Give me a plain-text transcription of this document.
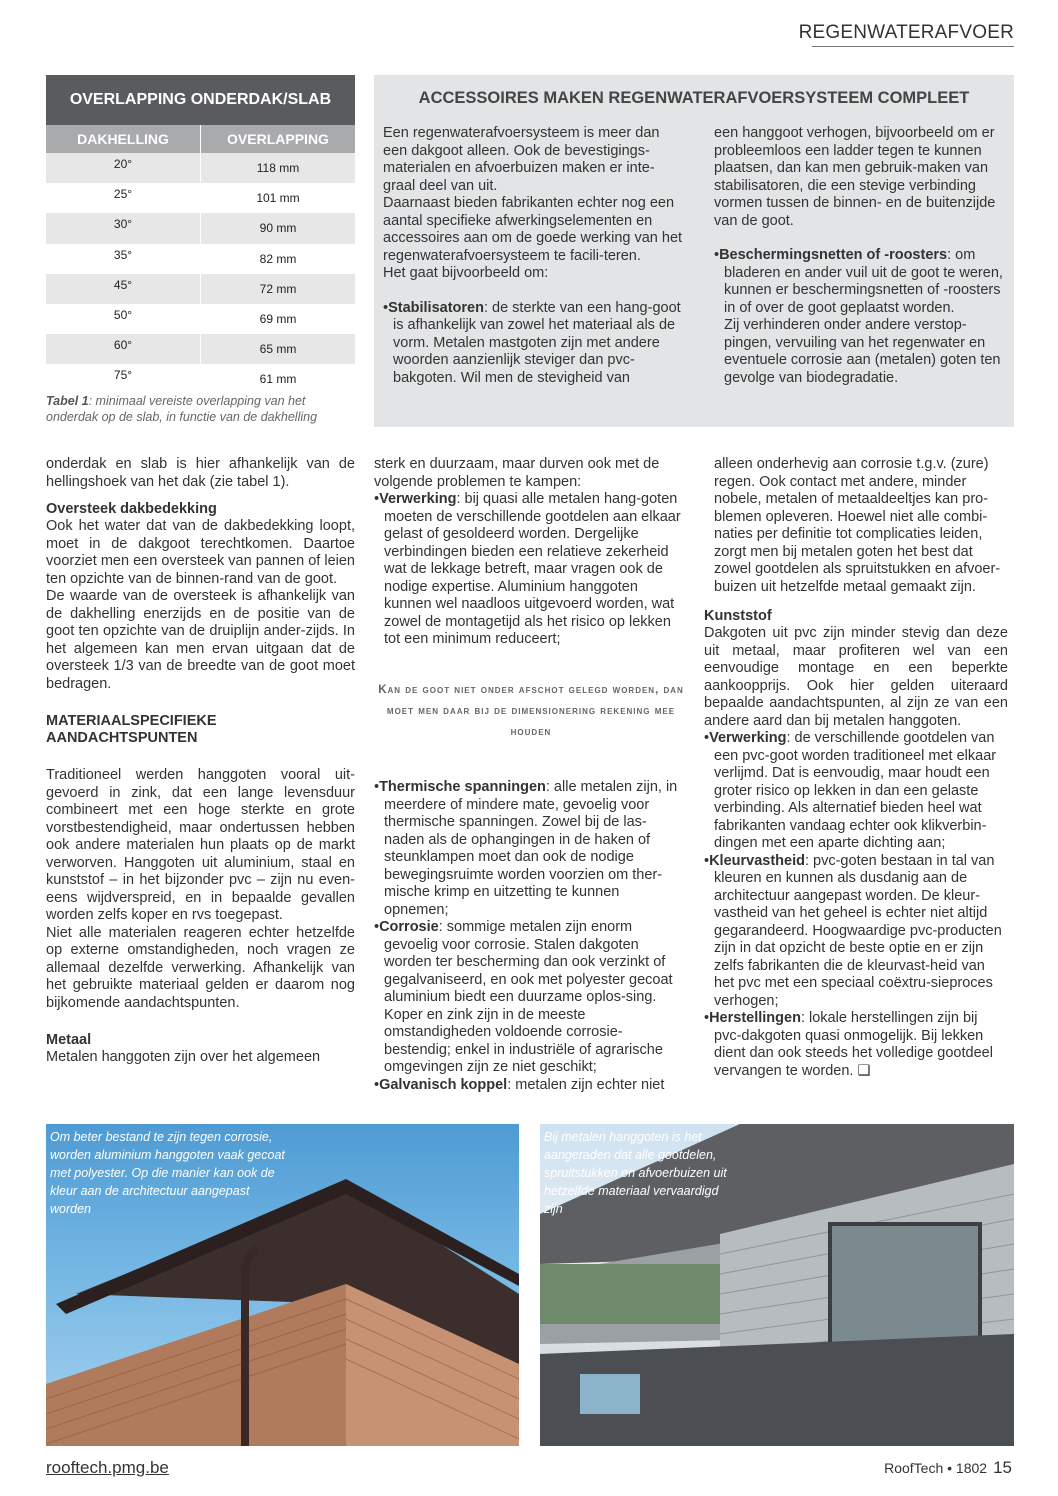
REGENWATERAFVOER
OVERLAPPING ONDERDAK/SLAB
DAKHELLING	OVERLAPPING
20°	118 mm
25°	101 mm
30°	90 mm
35°	82 mm
45°	72 mm
50°	69 mm
60°	65 mm
75°	61 mm
Tabel 1: minimaal vereiste overlapping van het onderdak op de slab, in functie van de dakhelling
ACCESSOIRES MAKEN REGENWATERAFVOERSYSTEEM COMPLEET

Een regenwaterafvoersysteem is meer dan een dakgoot alleen. Ook de bevestigings-materialen en afvoerbuizen maken er inte-graal deel van uit.

Daarnaast bieden fabrikanten echter nog een aantal specifieke afwerkingselementen en accessoires aan om de goede werking van het regenwaterafvoersysteem te facili-teren.

Het gaat bijvoorbeeld om:

•Stabilisatoren: de sterkte van een hang-goot is afhankelijk van zowel het materiaal als de vorm. Metalen mastgoten zijn met andere woorden aanzienlijk steviger dan pvc-bakgoten. Wil men de stevigheid van

een hanggoot verhogen, bijvoorbeeld om er probleemloos een ladder tegen te kunnen plaatsen, dan kan men gebruik-maken van stabilisatoren, die een stevige verbinding vormen tussen de binnen- en de buitenzijde van de goot.

•Beschermingsnetten of -roosters: om bladeren en ander vuil uit de goot te weren, kunnen er beschermingsnetten of -roosters in of over de goot geplaatst worden.

Zij verhinderen onder andere verstop-pingen, vervuiling van het regenwater en eventuele corrosie aan (metalen) goten ten gevolge van biodegradatie.

onderdak en slab is hier afhankelijk van de hellingshoek van het dak (zie tabel 1).

Oversteek dakbedekking

Ook het water dat van de dakbedekking loopt, moet in de dakgoot terechtkomen. Daartoe voorziet men een oversteek van pannen of leien ten opzichte van de binnen-rand van de goot.

De waarde van de oversteek is afhankelijk van de dakhelling enerzijds en de positie van de goot ten opzichte van de druiplijn ander-zijds. In het algemeen kan men ervan uitgaan dat de oversteek 1/3 van de breedte van de goot moet bedragen.

MATERIAALSPECIFIEKE AANDACHTSPUNTEN

Traditioneel werden hanggoten vooral uit-gevoerd in zink, dat een lange levensduur combineert met een hoge sterkte en grote vorstbestendigheid, maar ondertussen hebben ook andere materialen hun plaats op de markt verworven. Hanggoten uit aluminium, staal en kunststof – in het bijzonder pvc – zijn nu even-eens wijdverspreid, en in bepaalde gevallen worden zelfs koper en rvs toegepast.

Niet alle materialen reageren echter hetzelfde op externe omstandigheden, noch vragen ze allemaal dezelfde verwerking. Afhankelijk van het gebruikte materiaal gelden er daarom nog bijkomende aandachtspunten.

Metaal

Metalen hanggoten zijn over het algemeen

sterk en duurzaam, maar durven ook met de volgende problemen te kampen:

•Verwerking: bij quasi alle metalen hang-goten moeten de verschillende gootdelen aan elkaar gelast of gesoldeerd worden. Dergelijke verbindingen bieden een relatieve zekerheid wat de lekkage betreft, maar vragen ook de nodige expertise. Aluminium hanggoten kunnen wel naadloos uitgevoerd worden, wat zowel de montagetijd als het risico op lekken tot een minimum reduceert;

Kan de goot niet onder afschot gelegd worden, dan moet men daar bij de dimensionering rekening mee houden

•Thermische spanningen: alle metalen zijn, in meerdere of mindere mate, gevoelig voor thermische spanningen. Zowel bij de las-naden als de ophangingen in de haken of steunklampen moet dan ook de nodige bewegingsruimte worden voorzien om ther-mische krimp en uitzetting te kunnen opnemen;

•Corrosie: sommige metalen zijn enorm gevoelig voor corrosie. Stalen dakgoten worden ter bescherming dan ook verzinkt of gegalvaniseerd, en ook met polyester gecoat aluminium biedt een duurzame oplos-sing. Koper en zink zijn in de meeste omstandigheden voldoende corrosie-bestendig; enkel in industriële of agrarische omgevingen zijn ze niet geschikt;

•Galvanisch koppel: metalen zijn echter niet

alleen onderhevig aan corrosie t.g.v. (zure) regen. Ook contact met andere, minder nobele, metalen of metaaldeeltjes kan pro-blemen opleveren. Hoewel niet alle combi-naties per definitie tot complicaties leiden, zorgt men bij metalen goten het best dat zowel gootdelen als spruitstukken en afvoer-buizen uit hetzelfde metaal gemaakt zijn.

Kunststof

Dakgoten uit pvc zijn minder stevig dan deze uit metaal, maar profiteren wel van een eenvoudige montage en een beperkte aankoopprijs. Ook hier gelden uiteraard bepaalde aandachtspunten, al zijn ze van een andere aard dan bij metalen hanggoten.

•Verwerking: de verschillende gootdelen van een pvc-goot worden traditioneel met elkaar verlijmd. Dat is eenvoudig, maar houdt een groter risico op lekken in dan een gelaste verbinding. Als alternatief bieden heel wat fabrikanten vandaag echter ook klikverbin-dingen met een aparte dichting aan;

•Kleurvastheid: pvc-goten bestaan in tal van kleuren en kunnen als dusdanig aan de architectuur aangepast worden. De kleur-vastheid van het geheel is echter niet altijd gegarandeerd. Hoogwaardige pvc-producten zijn in dat opzicht de beste optie en er zijn zelfs fabrikanten die de kleurvast-heid van het pvc met een speciaal coëxtru-sieproces verhogen;

•Herstellingen: lokale herstellingen zijn bij pvc-dakgoten quasi onmogelijk. Bij lekken dient dan ook steeds het volledige gootdeel vervangen te worden. ❑

Om beter bestand te zijn tegen corrosie, worden aluminium hanggoten vaak gecoat met polyester. Op die manier kan ook de kleur aan de architectuur aangepast worden
Bij metalen hanggoten is het aangeraden dat alle gootdelen, spruitstukken en afvoerbuizen uit hetzelfde materiaal vervaardigd zijn
rooftech.pmg.be	RoofTech • 1802 15
